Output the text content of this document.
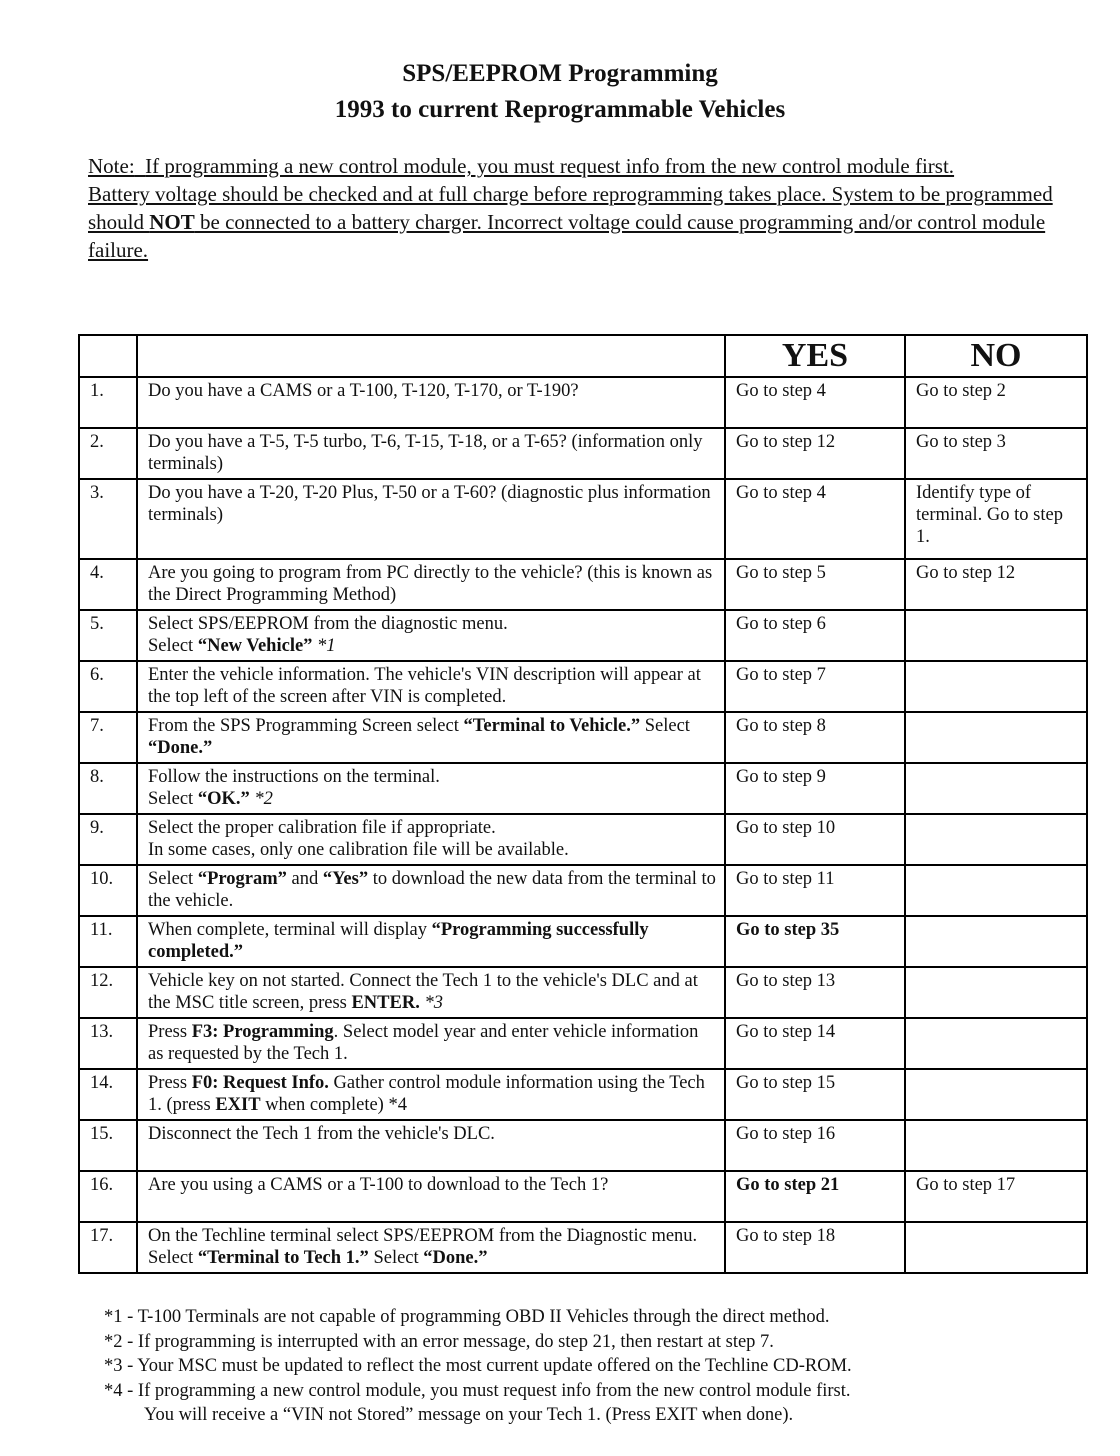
SPS/EEPROM Programming
1993 to current Reprogrammable Vehicles

Note: If programming a new control module, you must request info from the new control module first.

Battery voltage should be checked and at full charge before reprogramming takes place. System to be programmed should NOT be connected to a battery charger. Incorrect voltage could cause programming and/or control module failure.

		YES	NO
1.	Do you have a CAMS or a T-100, T-120, T-170, or T-190?	Go to step 4	Go to step 2
2.	Do you have a T-5, T-5 turbo, T-6, T-15, T-18, or a T-65? (information only terminals)	Go to step 12	Go to step 3
3.	Do you have a T-20, T-20 Plus, T-50 or a T-60? (diagnostic plus information terminals)	Go to step 4	Identify type of terminal. Go to step 1.
4.	Are you going to program from PC directly to the vehicle? (this is known as the Direct Programming Method)	Go to step 5	Go to step 12
5.	Select SPS/EEPROM from the diagnostic menu.
Select “New Vehicle” *1	Go to step 6	
6.	Enter the vehicle information. The vehicle's VIN description will appear at the top left of the screen after VIN is completed.	Go to step 7	
7.	From the SPS Programming Screen select “Terminal to Vehicle.” Select “Done.”	Go to step 8	
8.	Follow the instructions on the terminal.
Select “OK.” *2	Go to step 9	
9.	Select the proper calibration file if appropriate.
In some cases, only one calibration file will be available.	Go to step 10	
10.	Select “Program” and “Yes” to download the new data from the terminal to the vehicle.	Go to step 11	
11.	When complete, terminal will display “Programming successfully completed.”	Go to step 35	
12.	Vehicle key on not started. Connect the Tech 1 to the vehicle's DLC and at the MSC title screen, press ENTER. *3	Go to step 13	
13.	Press F3: Programming. Select model year and enter vehicle information as requested by the Tech 1.	Go to step 14	
14.	Press F0: Request Info. Gather control module information using the Tech 1. (press EXIT when complete) *4	Go to step 15	
15.	Disconnect the Tech 1 from the vehicle's DLC.	Go to step 16	
16.	Are you using a CAMS or a T-100 to download to the Tech 1?	Go to step 21	Go to step 17
17.	On the Techline terminal select SPS/EEPROM from the Diagnostic menu. Select “Terminal to Tech 1.” Select “Done.”	Go to step 18	
*1 - T-100 Terminals are not capable of programming OBD II Vehicles through the direct method.
*2 - If programming is interrupted with an error message, do step 21, then restart at step 7.
*3 - Your MSC must be updated to reflect the most current update offered on the Techline CD-ROM.
*4 - If programming a new control module, you must request info from the new control module first.
You will receive a “VIN not Stored” message on your Tech 1. (Press EXIT when done).
